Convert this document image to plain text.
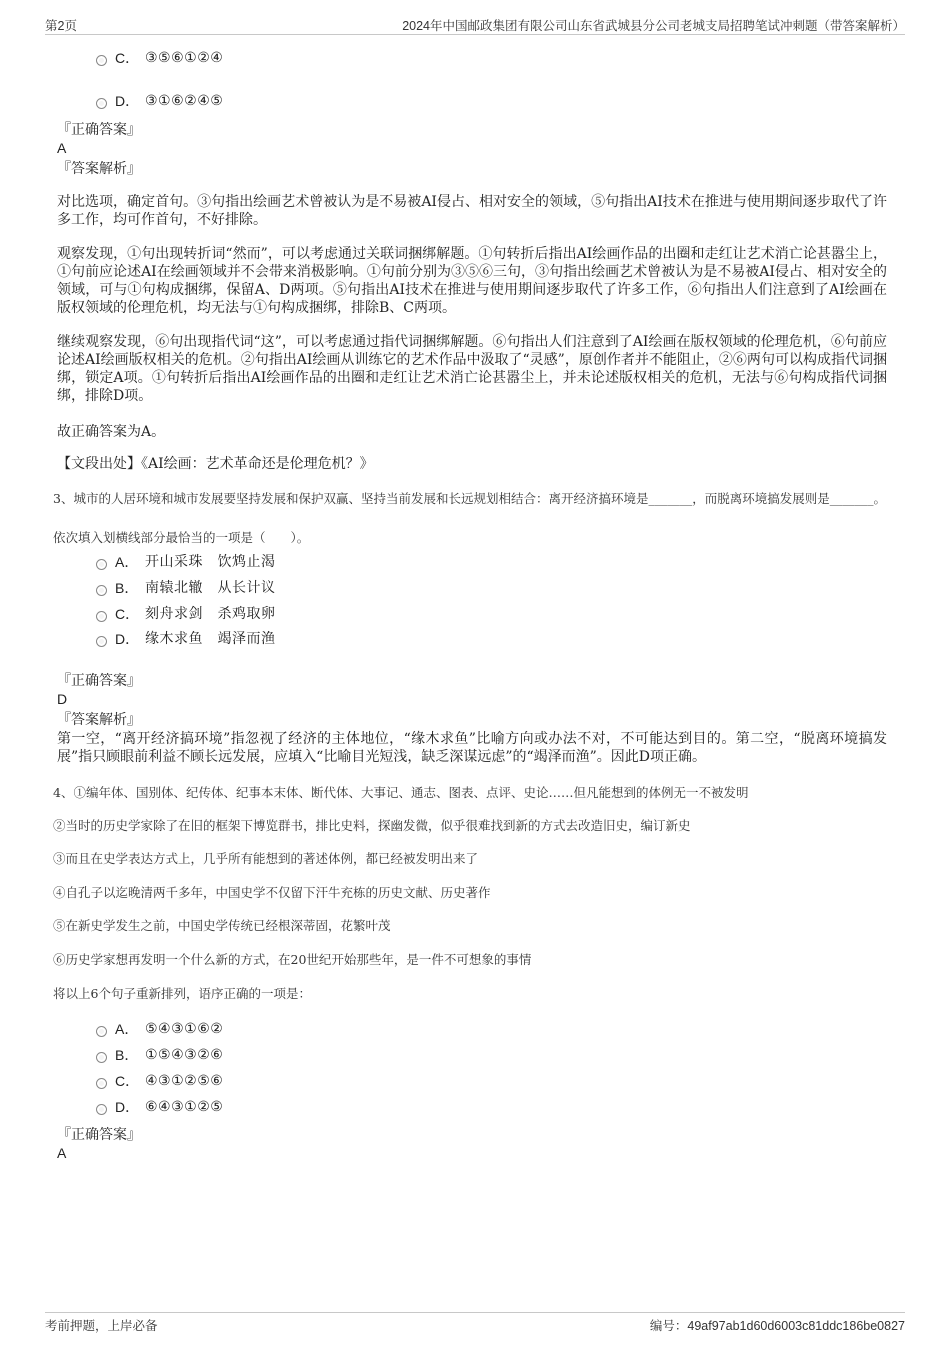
第2页	2024年中国邮政集团有限公司山东省武城县分公司老城支局招聘笔试冲刺题（带答案解析）
C． ③⑤⑥①②④
D． ③①⑥②④⑤
『正确答案』
A
『答案解析』
对比选项，确定首句。③句指出绘画艺术曾被认为是不易被AI侵占、相对安全的领域，⑤句指出AI技术在推进与使用期间逐步取代了许多工作，均可作首句，不好排除。
观察发现，①句出现转折词“然而”，可以考虑通过关联词捆绑解题。①句转折后指出AI绘画作品的出圈和走红让艺术消亡论甚嚣尘上，①句前应论述AI在绘画领域并不会带来消极影响。①句前分别为③⑤⑥三句，③句指出绘画艺术曾被认为是不易被AI侵占、相对安全的领域，可与①句构成捆绑，保留A、D两项。⑤句指出AI技术在推进与使用期间逐步取代了许多工作，⑥句指出人们注意到了AI绘画在版权领域的伦理危机，均无法与①句构成捆绑，排除B、C两项。
继续观察发现，⑥句出现指代词“这”，可以考虑通过指代词捆绑解题。⑥句指出人们注意到了AI绘画在版权领域的伦理危机，⑥句前应论述AI绘画版权相关的危机。②句指出AI绘画从训练它的艺术作品中汲取了“灵感”，原创作者并不能阻止，②⑥两句可以构成指代词捆绑，锁定A项。①句转折后指出AI绘画作品的出圈和走红让艺术消亡论甚嚣尘上，并未论述版权相关的危机，无法与⑥句构成指代词捆绑，排除D项。
故正确答案为A。
【文段出处】《AI绘画：艺术革命还是伦理危机？》
3、城市的人居环境和城市发展要坚持发展和保护双赢、坚持当前发展和长远规划相结合：离开经济搞环境是_______，而脱离环境搞发展则是_______。
依次填入划横线部分最恰当的一项是（　　）。
A． 开山采珠　饮鸩止渴
B． 南辕北辙　从长计议
C． 刻舟求剑　杀鸡取卵
D． 缘木求鱼　竭泽而渔
『正确答案』
D
『答案解析』
第一空，“离开经济搞环境”指忽视了经济的主体地位，“缘木求鱼”比喻方向或办法不对，不可能达到目的。第二空，“脱离环境搞发展”指只顾眼前利益不顾长远发展，应填入“比喻目光短浅，缺乏深谋远虑”的“竭泽而渔”。因此D项正确。
4、①编年体、国别体、纪传体、纪事本末体、断代体、大事记、通志、图表、点评、史论……但凡能想到的体例无一不被发明
②当时的历史学家除了在旧的框架下博览群书，排比史料，探幽发微，似乎很难找到新的方式去改造旧史，编订新史
③而且在史学表达方式上，几乎所有能想到的著述体例，都已经被发明出来了
④自孔子以迄晚清两千多年，中国史学不仅留下汗牛充栋的历史文献、历史著作
⑤在新史学发生之前，中国史学传统已经根深蒂固，花繁叶茂
⑥历史学家想再发明一个什么新的方式，在20世纪开始那些年，是一件不可想象的事情
将以上6个句子重新排列，语序正确的一项是：
A． ⑤④③①⑥②
B． ①⑤④③②⑥
C． ④③①②⑤⑥
D． ⑥④③①②⑤
『正确答案』
A
考前押题，上岸必备	编号：49af97ab1d60d6003c81ddc186be0827
